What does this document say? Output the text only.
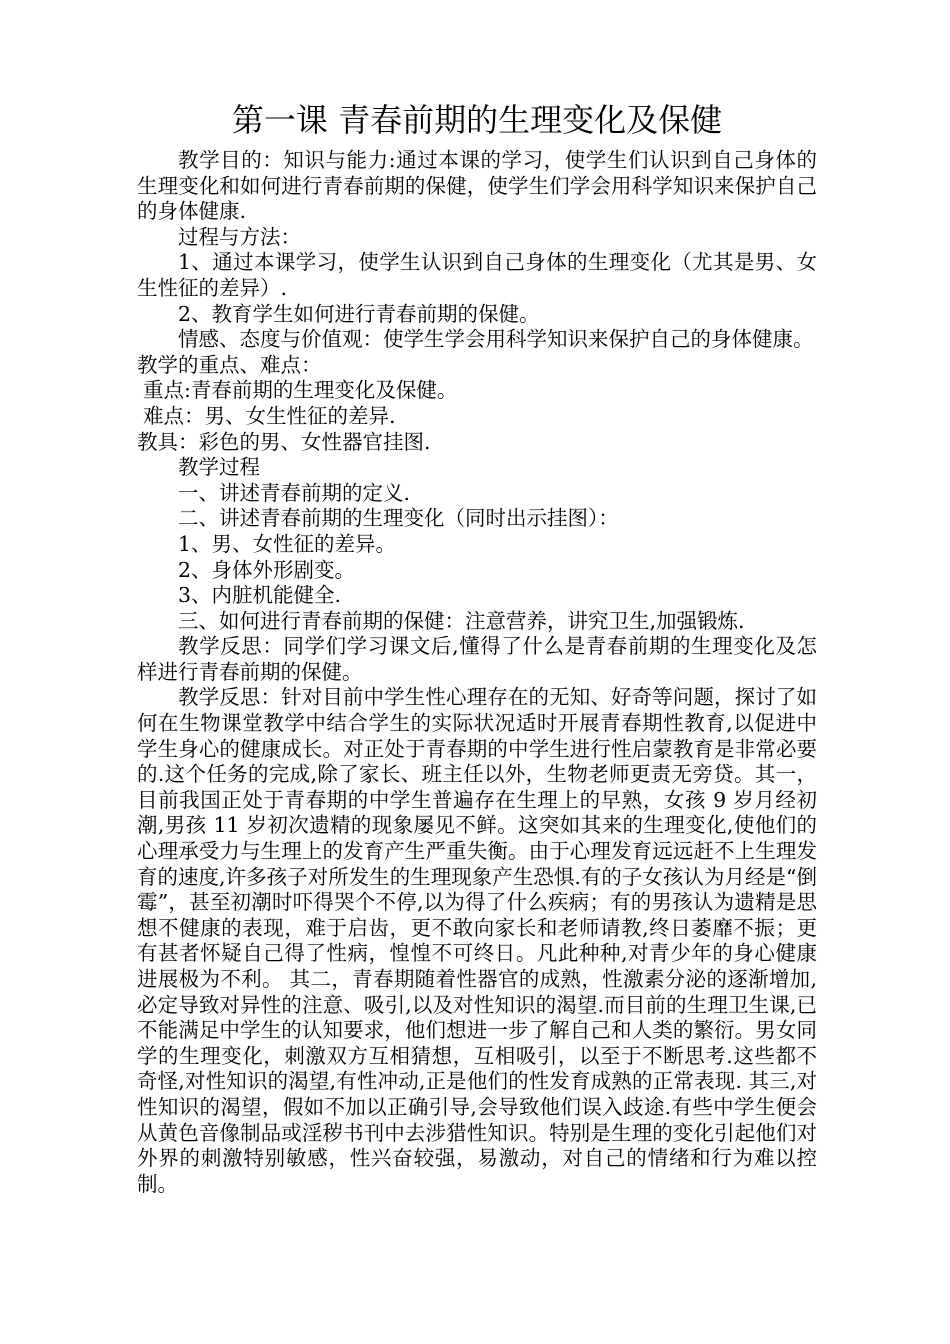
第一课 青春前期的生理变化及保健

教学目的：知识与能力:通过本课的学习，使学生们认识到自己身体的生理变化和如何进行青春前期的保健，使学生们学会用科学知识来保护自己的身体健康.

过程与方法：

1、通过本课学习，使学生认识到自己身体的生理变化（尤其是男、女生性征的差异）.

2、教育学生如何进行青春前期的保健。

情感、态度与价值观：使学生学会用科学知识来保护自己的身体健康。

教学的重点、难点：

重点:青春前期的生理变化及保健。

难点：男、女生性征的差异.

教具：彩色的男、女性器官挂图.

教学过程

一、讲述青春前期的定义.

二、讲述青春前期的生理变化（同时出示挂图）：

1、男、女性征的差异。

2、身体外形剧变。

3、内脏机能健全.

三、如何进行青春前期的保健：注意营养，讲究卫生,加强锻炼.

教学反思：同学们学习课文后,懂得了什么是青春前期的生理变化及怎样进行青春前期的保健。

教学反思：针对目前中学生性心理存在的无知、好奇等问题，探讨了如何在生物课堂教学中结合学生的实际状况适时开展青春期性教育,以促进中学生身心的健康成长。对正处于青春期的中学生进行性启蒙教育是非常必要的.这个任务的完成,除了家长、班主任以外，生物老师更责无旁贷。其一，目前我国正处于青春期的中学生普遍存在生理上的早熟，女孩 9 岁月经初潮,男孩 11 岁初次遗精的现象屡见不鲜。这突如其来的生理变化,使他们的心理承受力与生理上的发育产生严重失衡。由于心理发育远远赶不上生理发育的速度,许多孩子对所发生的生理现象产生恐惧.有的子女孩认为月经是“倒霉”，甚至初潮时吓得哭个不停,以为得了什么疾病；有的男孩认为遗精是思想不健康的表现，难于启齿，更不敢向家长和老师请教,终日萎靡不振；更有甚者怀疑自己得了性病，惶惶不可终日。凡此种种,对青少年的身心健康进展极为不利。 其二，青春期随着性器官的成熟，性激素分泌的逐渐增加,必定导致对异性的注意、吸引,以及对性知识的渴望.而目前的生理卫生课,已不能满足中学生的认知要求，他们想进一步了解自己和人类的繁衍。男女同学的生理变化，刺激双方互相猜想，互相吸引，以至于不断思考.这些都不奇怪,对性知识的渴望,有性冲动,正是他们的性发育成熟的正常表现. 其三,对性知识的渴望，假如不加以正确引导,会导致他们误入歧途.有些中学生便会从黄色音像制品或淫秽书刊中去涉猎性知识。特别是生理的变化引起他们对外界的刺激特别敏感，性兴奋较强，易激动，对自己的情绪和行为难以控制。
